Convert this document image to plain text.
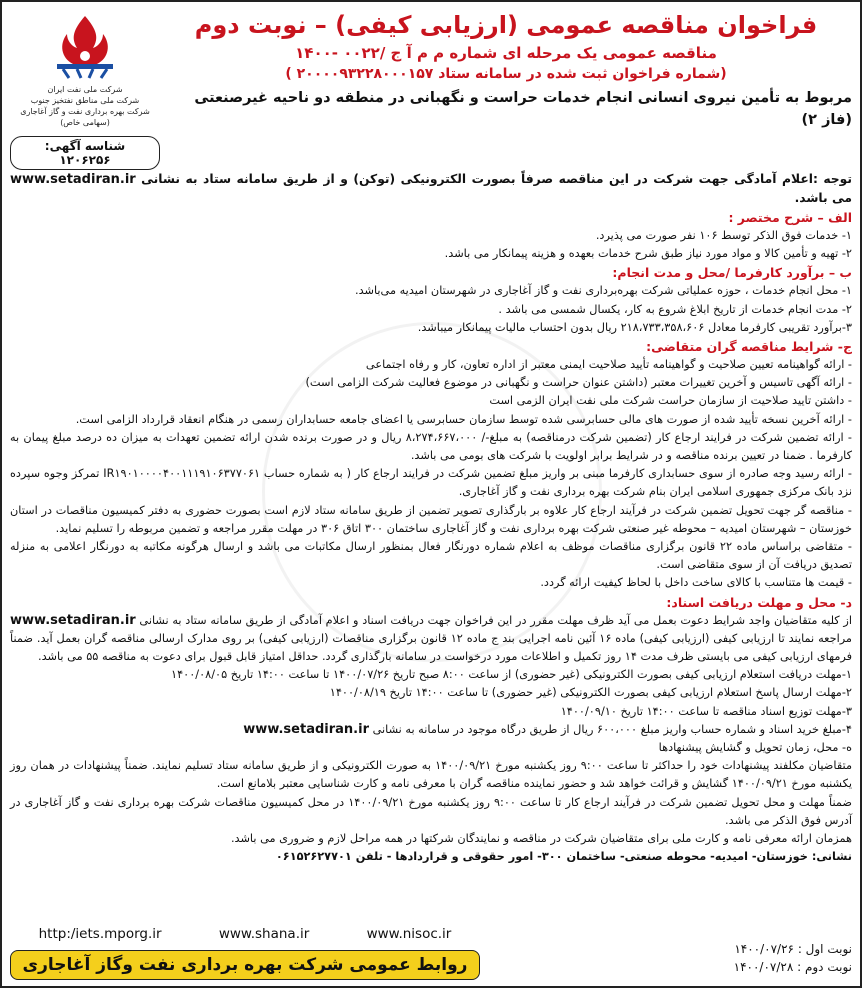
شرکت ملی نفت ایران
شرکت ملی مناطق نفتخیز جنوب
شرکت بهره برداری نفت و گاز آغاجاری (سهامی خاص)
شناسه آگهی: ۱۲۰۶۲۵۶
فراخوان مناقصه عمومی (ارزیابی کیفی) – نوبت دوم
مناقصه عمومی یک مرحله ای شماره م م آ ج /۰۰۲۲ -۱۴۰۰
(شماره فراخوان ثبت شده در سامانه ستاد ۲۰۰۰۰۹۳۲۲۸۰۰۰۱۵۷ )
مربوط به تأمین نیروی انسانی انجام خدمات حراست و نگهبانی در منطقه دو ناحیه غیرصنعتی (فاز ۲)
توجه :اعلام آمادگی جهت شرکت در این مناقصه صرفاً بصورت الکترونیکی (توکن) و از طریق سامانه ستاد به نشانی www.setadiran.ir می باشد.
الف – شرح مختصر :
۱- خدمات فوق الذکر توسط ۱۰۶ نفر صورت می پذیرد.
۲- تهیه و تأمین کالا و مواد مورد نیاز طبق شرح خدمات بعهده و هزینه پیمانکار می باشد.
ب – برآورد کارفرما /محل و مدت انجام:
۱- محل انجام خدمات ، حوزه عملیاتی شرکت بهره‌برداری نفت و گاز آغاجاری در شهرستان امیدیه می‌باشد.
۲- مدت انجام خدمات از تاریخ ابلاغ شروع به کار، یکسال شمسی می باشد .
۳-برآورد تقریبی کارفرما معادل ۲۱۸،۷۳۳،۳۵۸،۶۰۶ ریال بدون احتساب مالیات پیمانکار میباشد.
ج- شرایط مناقصه گران متقاضی:
- ارائه گواهینامه تعیین صلاحیت و گواهینامه تأیید صلاحیت ایمنی معتبر از اداره تعاون، کار و رفاه اجتماعی
- ارائه آگهی تاسیس و آخرین تغییرات معتبر (داشتن عنوان حراست و نگهبانی در موضوع فعالیت شرکت الزامی است)
- داشتن تایید صلاحیت از سازمان حراست شرکت ملی نفت ایران الزمی است
- ارائه آخرین نسخه تأیید شده از صورت های مالی حسابرسی شده توسط سازمان حسابرسی یا اعضای جامعه حسابداران رسمی در هنگام انعقاد قرارداد الزامی است.
- ارائه تضمین شرکت در فرایند ارجاع کار (تضمین شرکت درمناقصه) به مبلغ-/ ۸،۲۷۴،۶۶۷،۰۰۰ ریال و در صورت برنده شدن ارائه تضمین تعهدات به میزان ده درصد مبلغ پیمان به کارفرما . ضمنا در تعیین برنده مناقصه و در شرایط برابر اولویت با شرکت های بومی می باشد.
- ارائه رسید وجه صادره از سوی حسابداری کارفرما مبنی بر واریز مبلغ تضمین شرکت در فرایند ارجاع کار ( به شماره حساب IR۱۹۰۱۰۰۰۰۴۰۰۱۱۱۹۱۰۶۳۷۷۰۶۱ تمرکز وجوه سپرده نزد بانک مرکزی جمهوری اسلامی ایران بنام شرکت بهره برداری نفت و گاز آغاجاری.
- مناقصه گر جهت تحویل تضمین شرکت در فرآیند ارجاع کار علاوه بر بارگذاری تصویر تضمین از طریق سامانه ستاد لازم است بصورت حضوری به دفتر کمیسیون مناقصات در استان خوزستان – شهرستان امیدیه – محوطه غیر صنعتی شرکت بهره برداری نفت و گاز آغاجاری ساختمان ۳۰۰ اتاق ۳۰۶ در مهلت مقرر مراجعه و تضمین مربوطه را تسلیم نماید.
- متقاضی براساس ماده ۲۲ قانون برگزاری مناقصات موظف به اعلام شماره دورنگار فعال بمنظور ارسال مکاتبات می باشد و ارسال هرگونه مکاتبه به دورنگار اعلامی به منزله تصدیق دریافت آن از سوی متقاضی است.
- قیمت ها متناسب با کالای ساخت داخل با لحاظ کیفیت ارائه گردد.
د- محل و مهلت دریافت اسناد:
از کلیه متقاضیان واجد شرایط دعوت بعمل می آید ظرف مهلت مقرر در این فراخوان جهت دریافت اسناد و اعلام آمادگی از طریق سامانه ستاد به نشانی www.setadiran.ir مراجعه نمایند تا ارزیابی کیفی (ارزیابی کیفی) ماده ۱۶ آئین نامه اجرایی بند ج ماده ۱۲ قانون برگزاری مناقصات (ارزیابی کیفی) بر روی مدارک ارسالی مناقصه گران بعمل آید. ضمناً فرمهای ارزیابی کیفی می بایستی ظرف مدت ۱۴ روز تکمیل و اطلاعات مورد درخواست در سامانه بارگذاری گردد. حداقل امتیاز قابل قبول برای دعوت به مناقصه ۵۵ می باشد.
۱-مهلت دریافت استعلام ارزیابی کیفی بصورت الکترونیکی (غیر حضوری) از ساعت ۸:۰۰ صبح تاریخ ۱۴۰۰/۰۷/۲۶ تا ساعت ۱۴:۰۰ تاریخ ۱۴۰۰/۰۸/۰۵
۲-مهلت ارسال پاسخ استعلام ارزیابی کیفی بصورت الکترونیکی (غیر حضوری) تا ساعت ۱۴:۰۰ تاریخ ۱۴۰۰/۰۸/۱۹
۳-مهلت توزیع اسناد مناقصه تا ساعت ۱۴:۰۰ تاریخ ۱۴۰۰/۰۹/۱۰
۴-مبلغ خرید اسناد و شماره حساب واریز مبلغ ۶۰۰،۰۰۰ ریال از طریق درگاه موجود در سامانه به نشانی www.setadiran.ir
ه- محل، زمان تحویل و گشایش پیشنهادها
متقاضیان مکلفند پیشنهادات خود را حداکثر تا ساعت ۹:۰۰ روز یکشنبه مورخ ۱۴۰۰/۰۹/۲۱ به صورت الکترونیکی و از طریق سامانه ستاد تسلیم نمایند. ضمناً پیشنهادات در همان روز یکشنبه مورخ ۱۴۰۰/۰۹/۲۱ گشایش و قرائت خواهد شد و حضور نماینده مناقصه گران با معرفی نامه و کارت شناسایی معتبر بلامانع است.
ضمناً مهلت و محل تحویل تضمین شرکت در فرآیند ارجاع کار تا ساعت ۹:۰۰ روز یکشنبه مورخ ۱۴۰۰/۰۹/۲۱ در محل کمیسیون مناقصات شرکت بهره برداری نفت و گاز آغاجاری در آدرس فوق الذکر می باشد.
همزمان ارائه معرفی نامه و کارت ملی برای متقاضیان شرکت در مناقصه و نمایندگان شرکتها در همه مراحل لازم و ضروری می باشد.
نشانی: خوزستان- امیدیه- محوطه صنعتی- ساختمان ۳۰۰- امور حقوقی و قراردادها - تلفن ۰۶۱۵۲۶۲۷۷۰۱
http:/iets.mporg.ir	www.shana.ir	www.nisoc.ir
روابط عمومی شرکت بهره برداری نفت وگاز آغاجاری
نوبت اول : ۱۴۰۰/۰۷/۲۶
نوبت دوم : ۱۴۰۰/۰۷/۲۸
